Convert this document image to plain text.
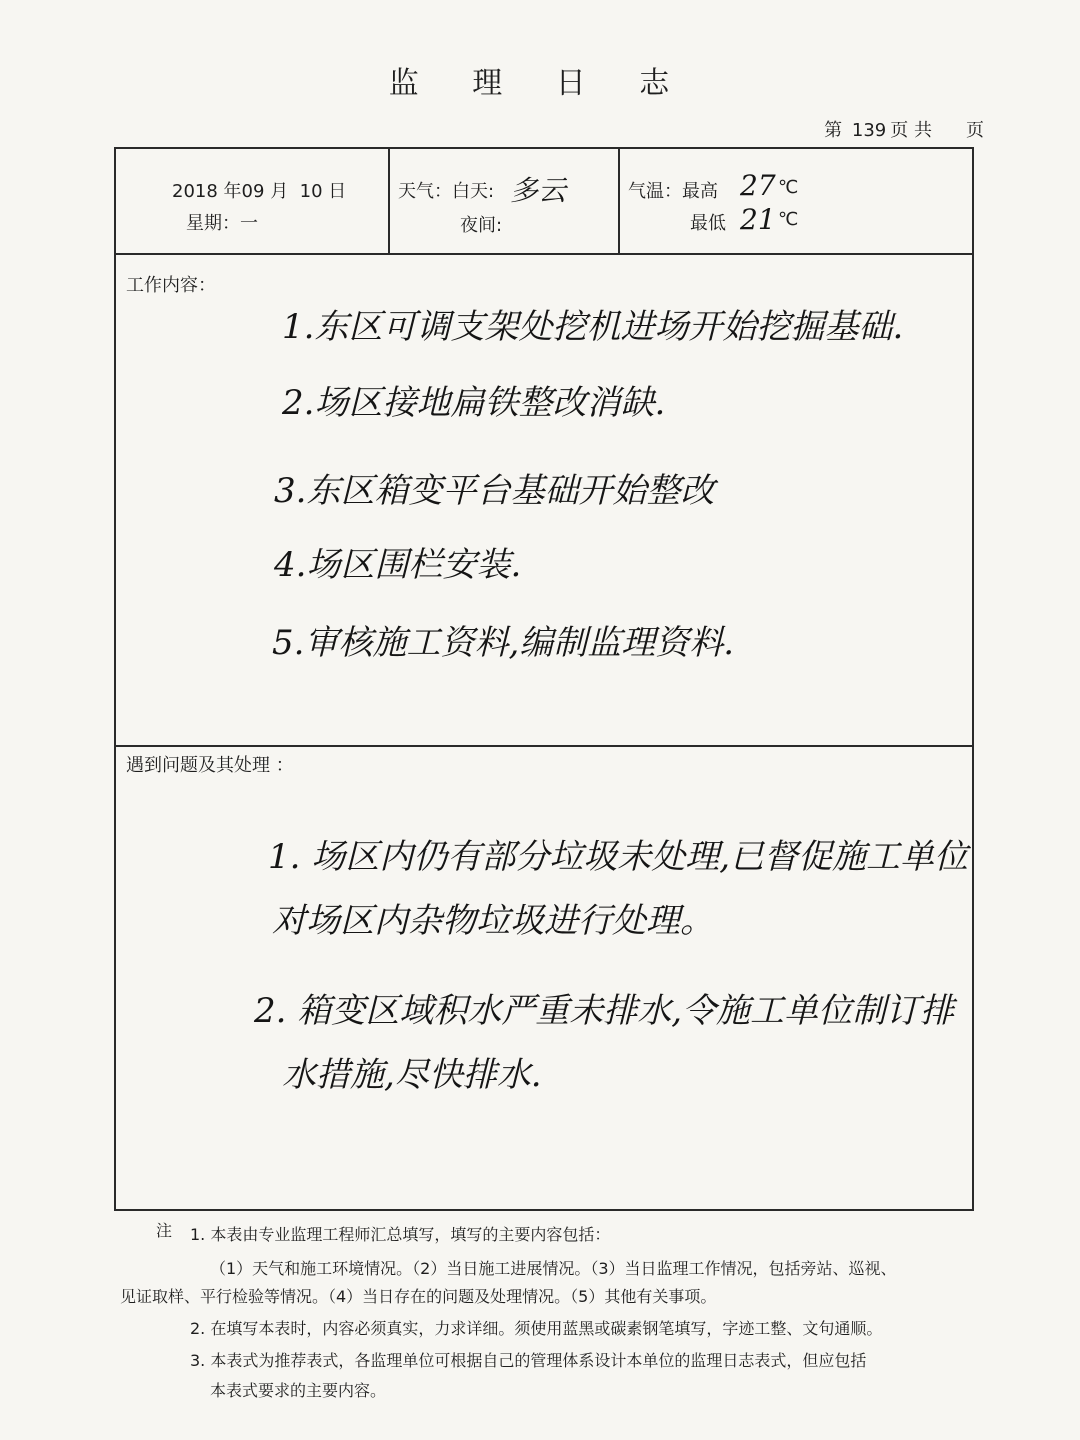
监 理 日 志
第 139 页 共 页
2018 年09 月 10 日
星期：一
天气：白天: 多云
夜间:
气温：最高 27 ℃
最低 21 ℃
工作内容：
1.东区可调支架处挖机进场开始挖掘基础.
2.场区接地扁铁整改消缺.
3.东区箱变平台基础开始整改
4.场区围栏安装.
5.审核施工资料,编制监理资料.
遇到问题及其处理 ：
1. 场区内仍有部分垃圾未处理,已督促施工单位
对场区内杂物垃圾进行处理。
2. 箱变区域积水严重未排水,令施工单位制订排
水措施,尽快排水.
注 1. 本表由专业监理工程师汇总填写，填写的主要内容包括：
（1）天气和施工环境情况。（2）当日施工进展情况。（3）当日监理工作情况，包括旁站、巡视、
见证取样、平行检验等情况。（4）当日存在的问题及处理情况。（5）其他有关事项。
2. 在填写本表时，内容必须真实，力求详细。须使用蓝黑或碳素钢笔填写，字迹工整、文句通顺。
3. 本表式为推荐表式，各监理单位可根据自己的管理体系设计本单位的监理日志表式，但应包括
本表式要求的主要内容。
